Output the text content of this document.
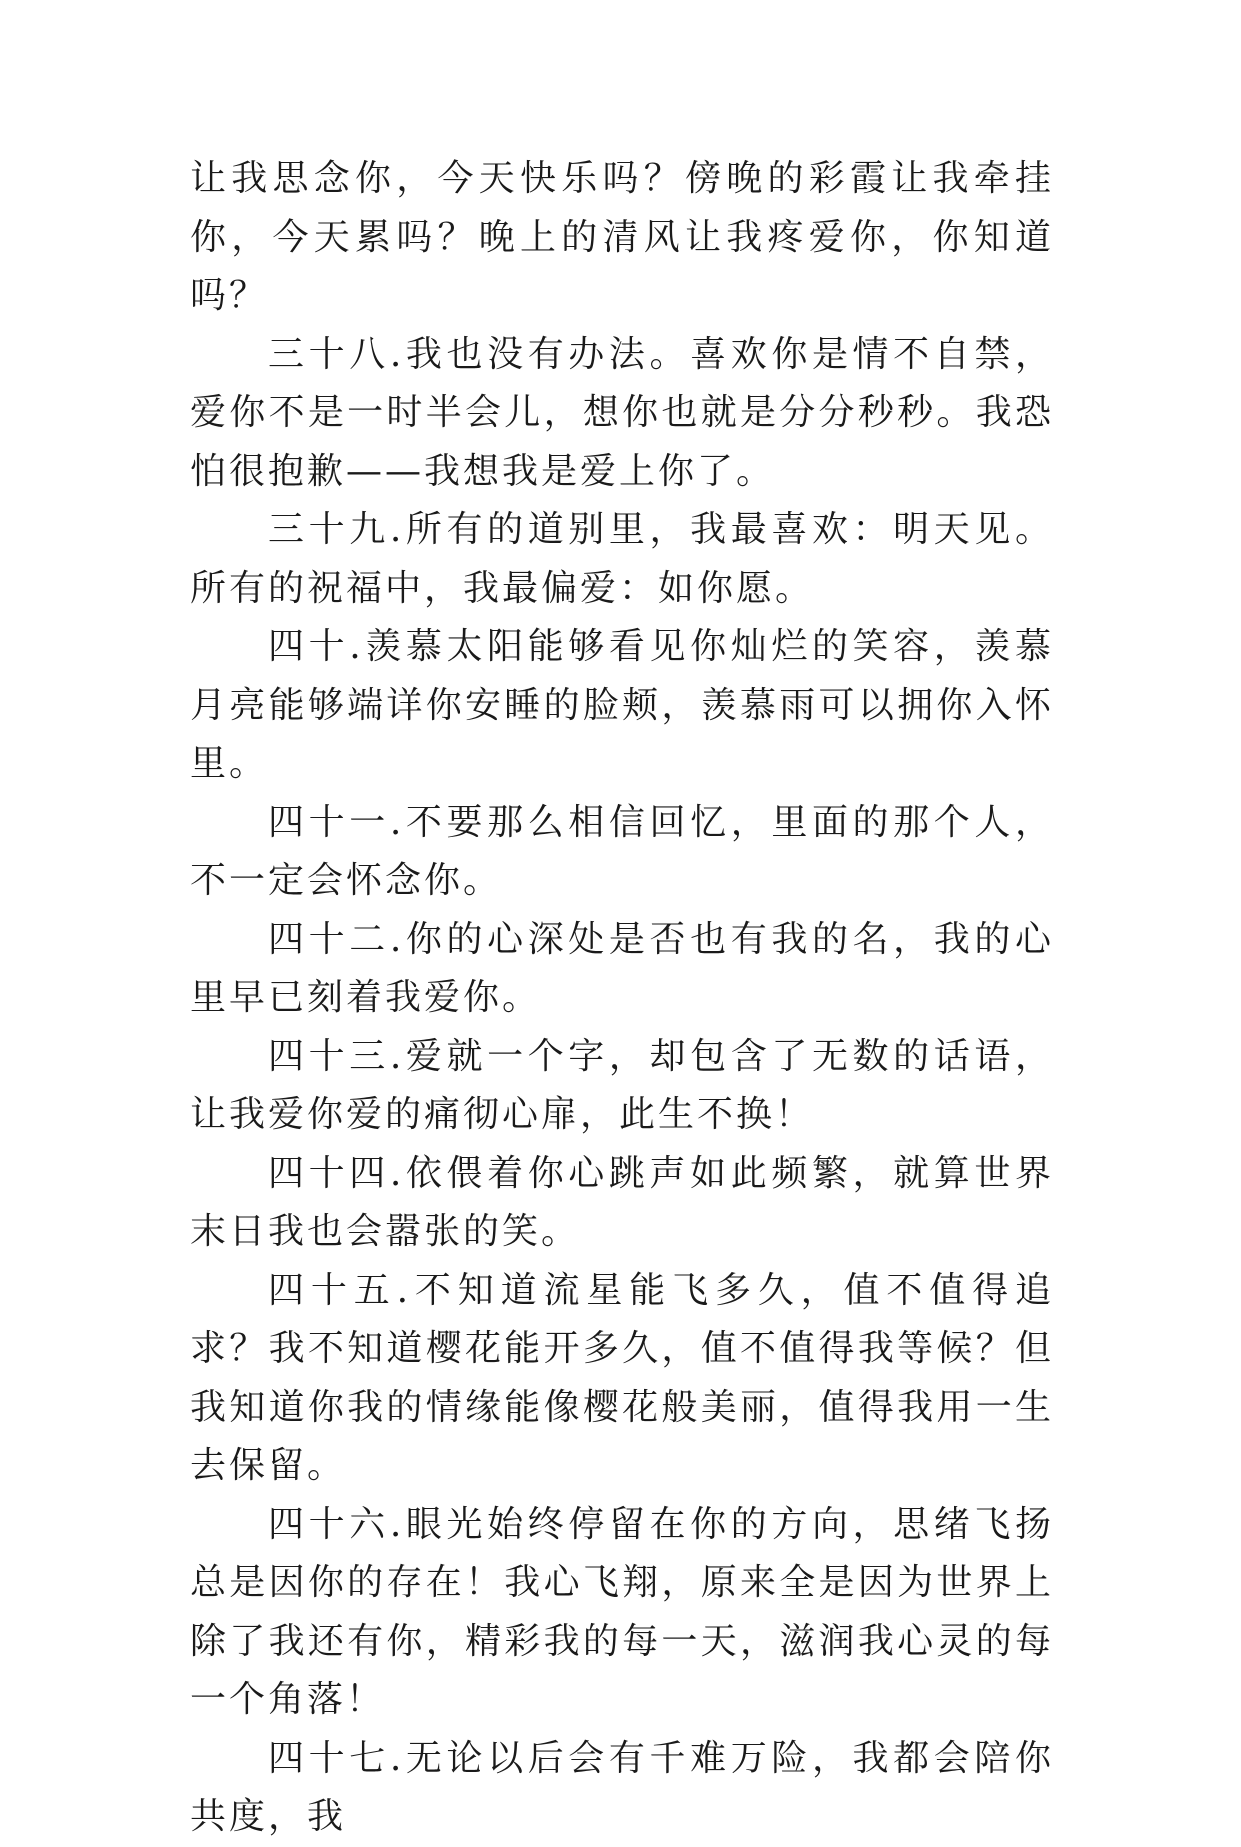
让我思念你，今天快乐吗？傍晚的彩霞让我牵挂你，今天累吗？晚上的清风让我疼爱你，你知道吗？

三十八.我也没有办法。喜欢你是情不自禁，爱你不是一时半会儿，想你也就是分分秒秒。我恐怕很抱歉——我想我是爱上你了。

三十九.所有的道别里，我最喜欢：明天见。所有的祝福中，我最偏爱：如你愿。

四十.羡慕太阳能够看见你灿烂的笑容，羡慕月亮能够端详你安睡的脸颊，羡慕雨可以拥你入怀里。

四十一.不要那么相信回忆，里面的那个人，不一定会怀念你。

四十二.你的心深处是否也有我的名，我的心里早已刻着我爱你。

四十三.爱就一个字，却包含了无数的话语，让我爱你爱的痛彻心扉，此生不换！

四十四.依偎着你心跳声如此频繁，就算世界末日我也会嚣张的笑。

四十五.不知道流星能飞多久，值不值得追求？我不知道樱花能开多久，值不值得我等候？但我知道你我的情缘能像樱花般美丽，值得我用一生去保留。

四十六.眼光始终停留在你的方向，思绪飞扬总是因你的存在！我心飞翔，原来全是因为世界上除了我还有你，精彩我的每一天，滋润我心灵的每一个角落！

四十七.无论以后会有千难万险，我都会陪你共度，我
